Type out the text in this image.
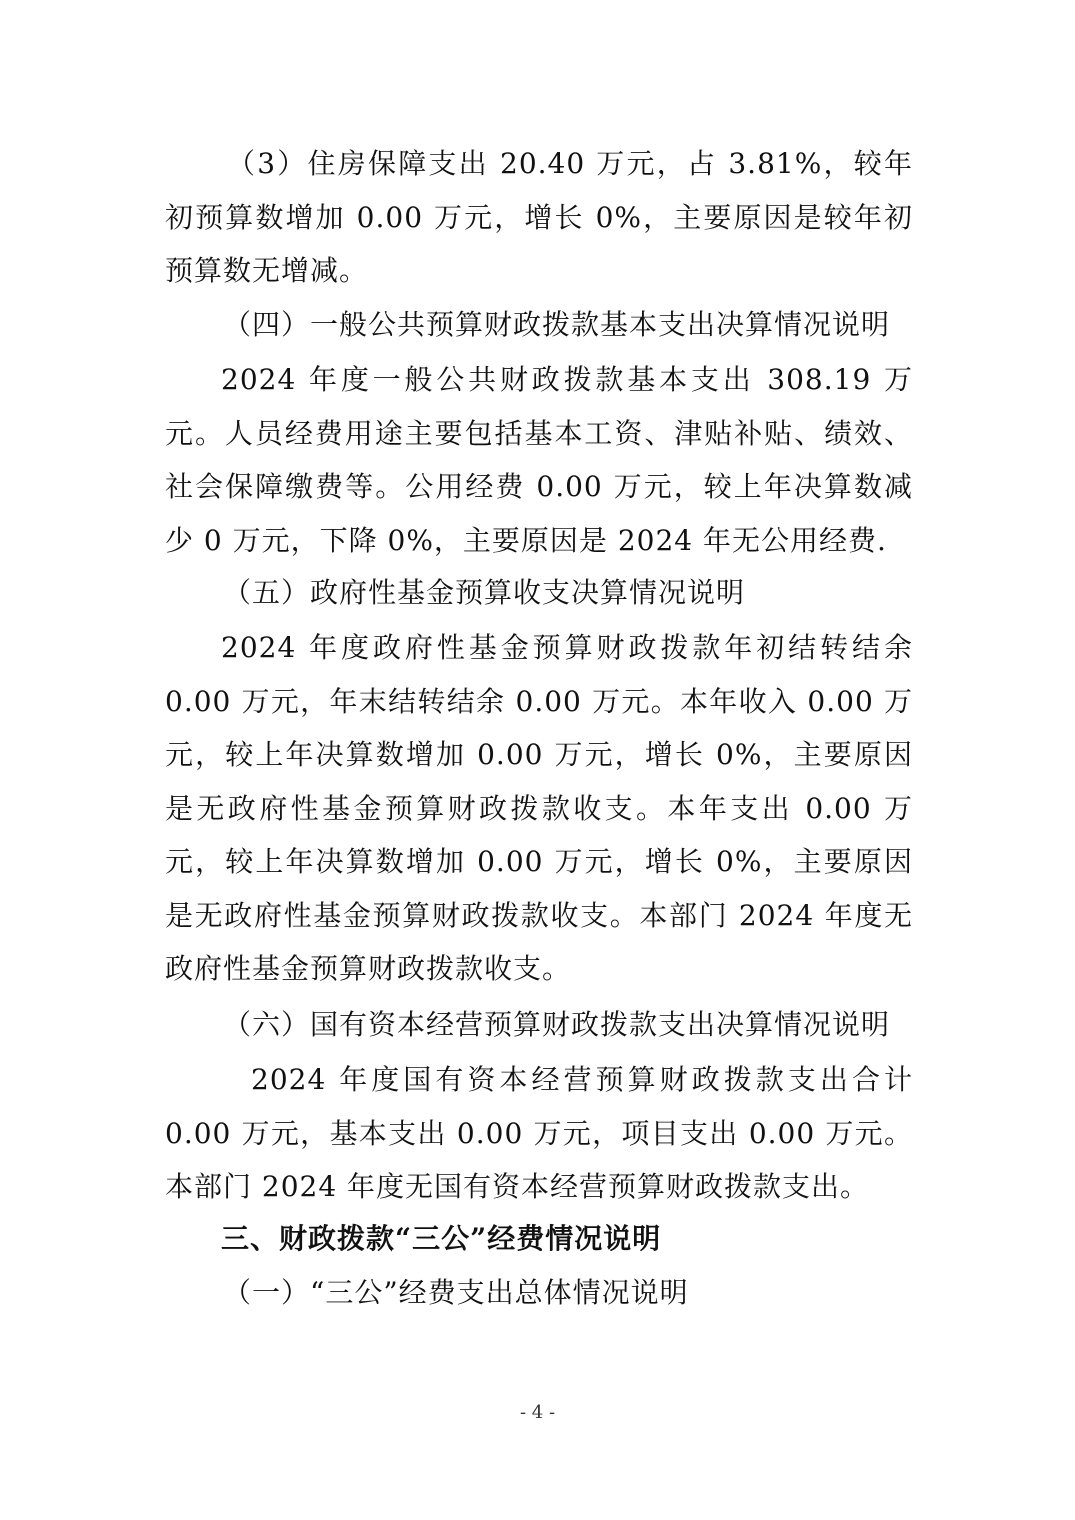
（3）住房保障支出 20.40 万元，占 3.81%，较年初预算数增加 0.00 万元，增长 0%，主要原因是较年初预算数无增减。

（四）一般公共预算财政拨款基本支出决算情况说明

2024 年度一般公共财政拨款基本支出 308.19 万元。人员经费用途主要包括基本工资、津贴补贴、绩效、社会保障缴费等。公用经费 0.00 万元，较上年决算数减少 0 万元，下降 0%，主要原因是 2024 年无公用经费.

（五）政府性基金预算收支决算情况说明

2024 年度政府性基金预算财政拨款年初结转结余 0.00 万元，年末结转结余 0.00 万元。本年收入 0.00 万元，较上年决算数增加 0.00 万元，增长 0%，主要原因是无政府性基金预算财政拨款收支。本年支出 0.00 万元，较上年决算数增加 0.00 万元，增长 0%，主要原因是无政府性基金预算财政拨款收支。本部门 2024 年度无政府性基金预算财政拨款收支。

（六）国有资本经营预算财政拨款支出决算情况说明

2024 年度国有资本经营预算财政拨款支出合计 0.00 万元，基本支出 0.00 万元，项目支出 0.00 万元。本部门 2024 年度无国有资本经营预算财政拨款支出。

三、财政拨款“三公”经费情况说明

（一）“三公”经费支出总体情况说明

- 4 -
